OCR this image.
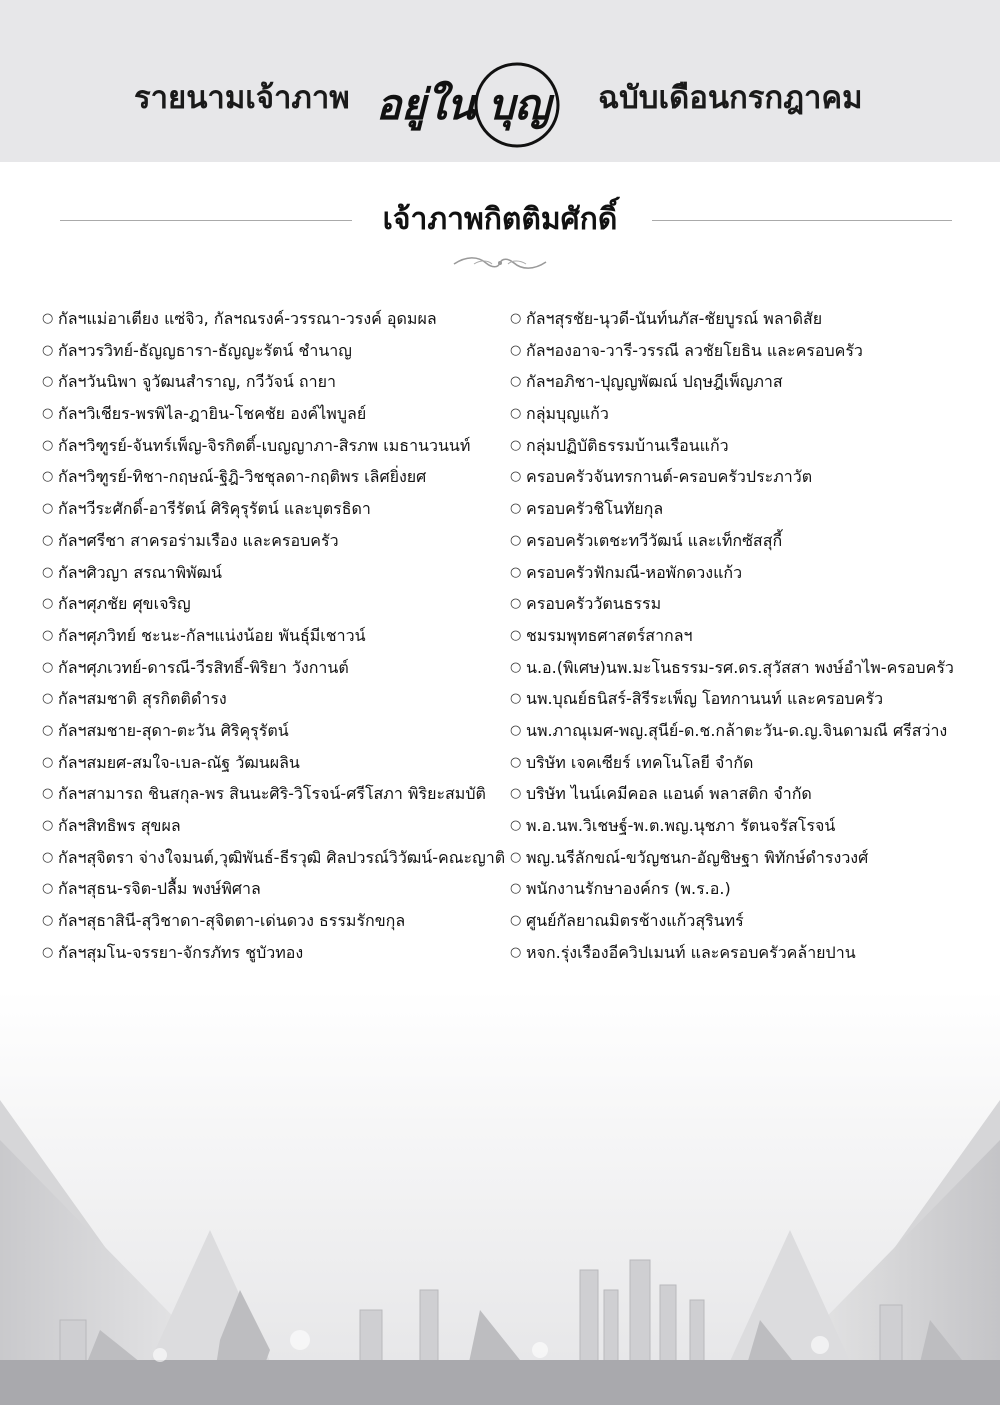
รายนามเจ้าภาพ อยู่ใน บุญ ฉบับเดือนกรกฎาคม
เจ้าภาพกิตติมศักดิ์
○ กัลฯแม่อาเตียง แซ่จิว, กัลฯณรงค์-วรรณา-วรงค์ อุดมผล
○ กัลฯวรวิทย์-ธัญญธารา-ธัญญะรัตน์ ชำนาญ
○ กัลฯวันนิพา จูวัฒนสำราญ, กวีวัจน์ ถายา
○ กัลฯวิเชียร-พรพิไล-ฎายิน-โชคชัย องค์ไพบูลย์
○ กัลฯวิฑูรย์-จันทร์เพ็ญ-จิรกิตติ์-เบญญาภา-สิรภพ เมธานวนนท์
○ กัลฯวิฑูรย์-ทิชา-กฤษณ์-ฐิฎิ-วิชชุลดา-กฤติพร เลิศยิ่งยศ
○ กัลฯวีระศักดิ์-อารีรัตน์ ศิริคุรุรัตน์ และบุตรธิดา
○ กัลฯศรีชา สาครอร่ามเรือง และครอบครัว
○ กัลฯศิวญา สรณาพิพัฒน์
○ กัลฯศุภชัย ศุขเจริญ
○ กัลฯศุภวิทย์ ชะนะ-กัลฯแน่งน้อย พันธุ์มีเชาวน์
○ กัลฯศุภเวทย์-ดารณี-วีรสิทธิ์-พิริยา วังกานต์
○ กัลฯสมชาติ สุรกิตติดำรง
○ กัลฯสมชาย-สุดา-ตะวัน ศิริคุรุรัตน์
○ กัลฯสมยศ-สมใจ-เบล-ณัฐ วัฒนผลิน
○ กัลฯสามารถ ชินสกุล-พร สินนะศิริ-วิโรจน์-ศรีโสภา พิริยะสมบัติ
○ กัลฯสิทธิพร สุขผล
○ กัลฯสุจิตรา จ่างใจมนต์,วุฒิพันธ์-ธีรวุฒิ ศิลปวรณ์วิวัฒน์-คณะญาติ
○ กัลฯสุธน-รจิต-ปลื้ม พงษ์พิศาล
○ กัลฯสุธาสินี-สุวิชาดา-สุจิตตา-เด่นดวง ธรรมรักขกุล
○ กัลฯสุมโน-จรรยา-จักรภัทร ชูบัวทอง
○ กัลฯสุรชัย-นุวดี-นันท์นภัส-ชัยบูรณ์ พลาดิสัย
○ กัลฯองอาจ-วารี-วรรณี ลวชัยโยธิน และครอบครัว
○ กัลฯอภิชา-ปุญญพัฒณ์ ปฤษฎีเพ็ญภาส
○ กลุ่มบุญแก้ว
○ กลุ่มปฏิบัติธรรมบ้านเรือนแก้ว
○ ครอบครัวจันทรกานต์-ครอบครัวประภาวัต
○ ครอบครัวชิโนทัยกุล
○ ครอบครัวเตชะทวีวัฒน์ และเท็กซัสสุกี้
○ ครอบครัวฟักมณี-หอพักดวงแก้ว
○ ครอบครัววัตนธรรม
○ ชมรมพุทธศาสตร์สากลฯ
○ น.อ.(พิเศษ)นพ.มะโนธรรม-รศ.ดร.สุวัสสา พงษ์อำไพ-ครอบครัว
○ นพ.บุณย์ธนิสร์-สิรีระเพ็ญ โอทกานนท์ และครอบครัว
○ นพ.ภาณุเมศ-พญ.สุนีย์-ด.ช.กล้าตะวัน-ด.ญ.จินดามณี ศรีสว่าง
○ บริษัท เจคเซียร์ เทคโนโลยี จำกัด
○ บริษัท ไนน์เคมีคอล แอนด์ พลาสติก จำกัด
○ พ.อ.นพ.วิเชษฐ์-พ.ต.พญ.นุชภา รัตนจรัสโรจน์
○ พญ.นรีลักขณ์-ขวัญชนก-อัญชิษฐา พิทักษ์ดำรงวงศ์
○ พนักงานรักษาองค์กร (พ.ร.อ.)
○ ศูนย์กัลยาณมิตรช้างแก้วสุรินทร์
○ หจก.รุ่งเรืองอีควิปเมนท์ และครอบครัวคล้ายปาน
